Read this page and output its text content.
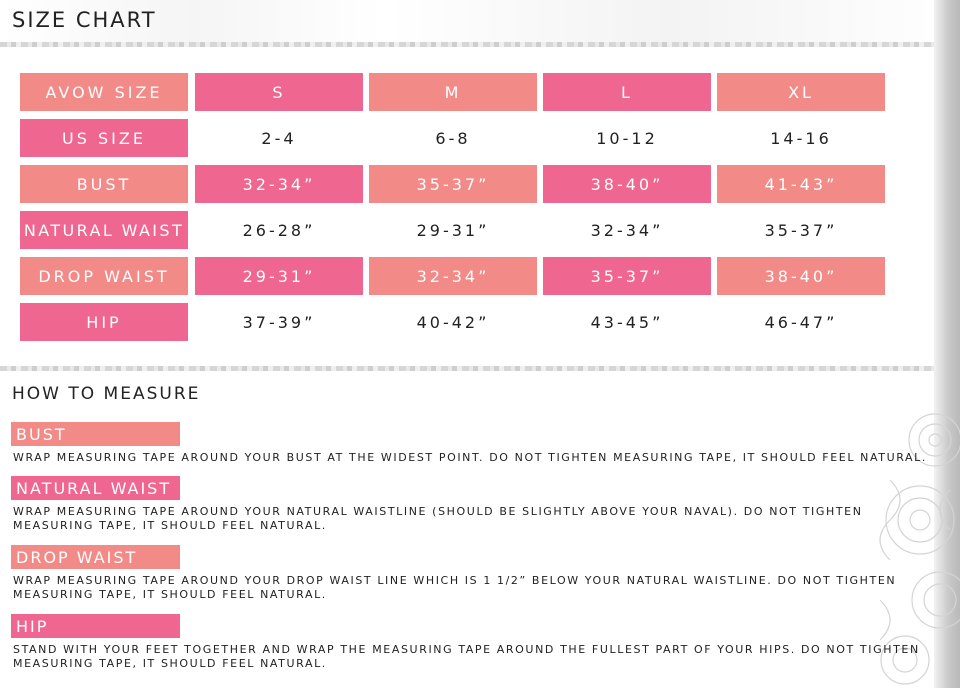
SIZE CHART
AVOW SIZE	S	M	L	XL
US SIZE	2-4	6-8	10-12	14-16
BUST	32-34”	35-37”	38-40”	41-43”
NATURAL WAIST	26-28”	29-31”	32-34”	35-37”
DROP WAIST	29-31”	32-34”	35-37”	38-40”
HIP	37-39”	40-42”	43-45”	46-47”
HOW TO MEASURE
BUST

WRAP MEASURING TAPE AROUND YOUR BUST AT THE WIDEST POINT. DO NOT TIGHTEN MEASURING TAPE, IT SHOULD FEEL NATURAL.

NATURAL WAIST

WRAP MEASURING TAPE AROUND YOUR NATURAL WAISTLINE (SHOULD BE SLIGHTLY ABOVE YOUR NAVAL). DO NOT TIGHTEN MEASURING TAPE, IT SHOULD FEEL NATURAL.

DROP WAIST

WRAP MEASURING TAPE AROUND YOUR DROP WAIST LINE WHICH IS 1 1/2” BELOW YOUR NATURAL WAISTLINE. DO NOT TIGHTEN MEASURING TAPE, IT SHOULD FEEL NATURAL.

HIP

STAND WITH YOUR FEET TOGETHER AND WRAP THE MEASURING TAPE AROUND THE FULLEST PART OF YOUR HIPS. DO NOT TIGHTEN MEASURING TAPE, IT SHOULD FEEL NATURAL.
